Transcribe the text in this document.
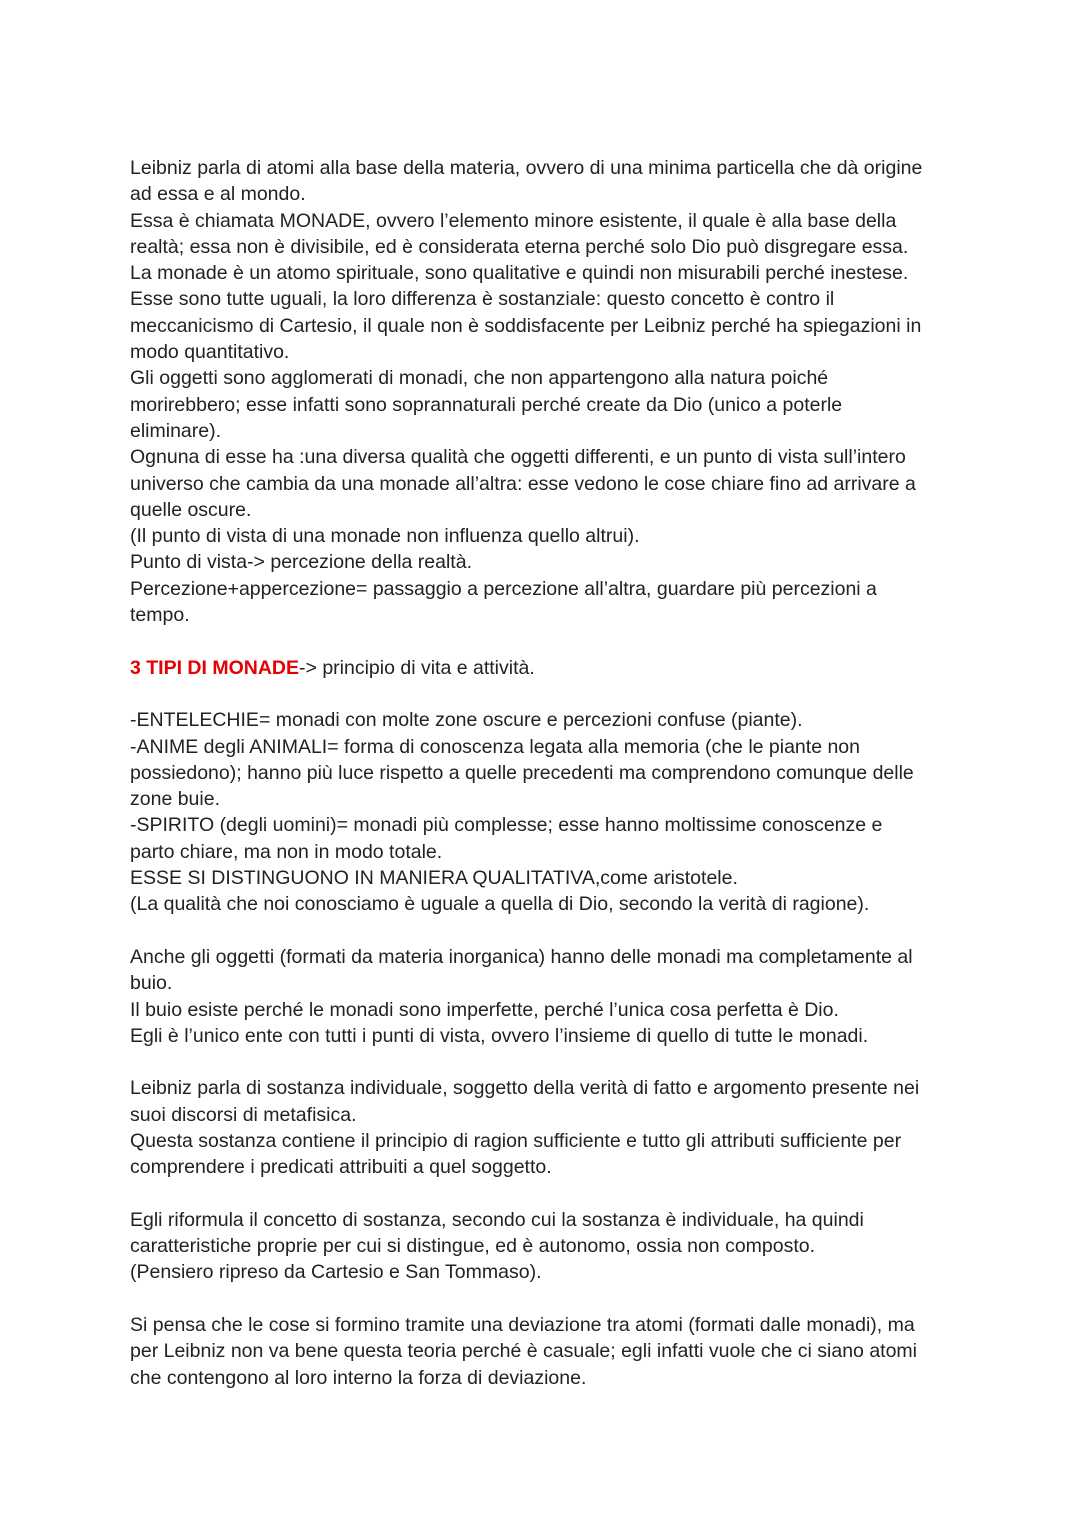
Leibniz parla di atomi alla base della materia, ovvero di una minima particella che dà origine
ad essa e al mondo.
Essa è chiamata MONADE, ovvero l’elemento minore esistente, il quale è alla base della
realtà; essa non è divisibile, ed è considerata eterna perché solo Dio può disgregare essa.
La monade è un atomo spirituale, sono qualitative e quindi non misurabili perché inestese.
Esse sono tutte uguali, la loro differenza è sostanziale: questo concetto è contro il
meccanicismo di Cartesio, il quale non è soddisfacente per Leibniz perché ha spiegazioni in
modo quantitativo.
Gli oggetti sono agglomerati di monadi, che non appartengono alla natura poiché
morirebbero; esse infatti sono soprannaturali perché create da Dio (unico a poterle
eliminare).
Ognuna di esse ha :una diversa qualità che oggetti differenti, e un punto di vista sull’intero
universo che cambia da una monade all’altra: esse vedono le cose chiare fino ad arrivare a
quelle oscure.
(Il punto di vista di una monade non influenza quello altrui).
Punto di vista-> percezione della realtà.
Percezione+appercezione= passaggio a percezione all’altra, guardare più percezioni a
tempo.
3 TIPI DI MONADE-> principio di vita e attività.
-ENTELECHIE= monadi con molte zone oscure e percezioni confuse (piante).
-ANIME degli ANIMALI= forma di conoscenza legata alla memoria (che le piante non
possiedono); hanno più luce rispetto a quelle precedenti ma comprendono comunque delle
zone buie.
-SPIRITO (degli uomini)= monadi più complesse; esse hanno moltissime conoscenze e
parto chiare, ma non in modo totale.
ESSE SI DISTINGUONO IN MANIERA QUALITATIVA,come aristotele.
(La qualità che noi conosciamo è uguale a quella di Dio, secondo la verità di ragione).
Anche gli oggetti (formati da materia inorganica) hanno delle monadi ma completamente al
buio.
Il buio esiste perché le monadi sono imperfette, perché l’unica cosa perfetta è Dio.
Egli è l’unico ente con tutti i punti di vista, ovvero l’insieme di quello di tutte le monadi.
Leibniz parla di sostanza individuale, soggetto della verità di fatto e argomento presente nei
suoi discorsi di metafisica.
Questa sostanza contiene il principio di ragion sufficiente e tutto gli attributi sufficiente per
comprendere i predicati attribuiti a quel soggetto.
Egli riformula il concetto di sostanza, secondo cui la sostanza è individuale, ha quindi
caratteristiche proprie per cui si distingue, ed è autonomo, ossia non composto.
(Pensiero ripreso da Cartesio e San Tommaso).
Si pensa che le cose si formino tramite una deviazione tra atomi (formati dalle monadi), ma
per Leibniz non va bene questa teoria perché è casuale; egli infatti vuole che ci siano atomi
che contengono al loro interno la forza di deviazione.
